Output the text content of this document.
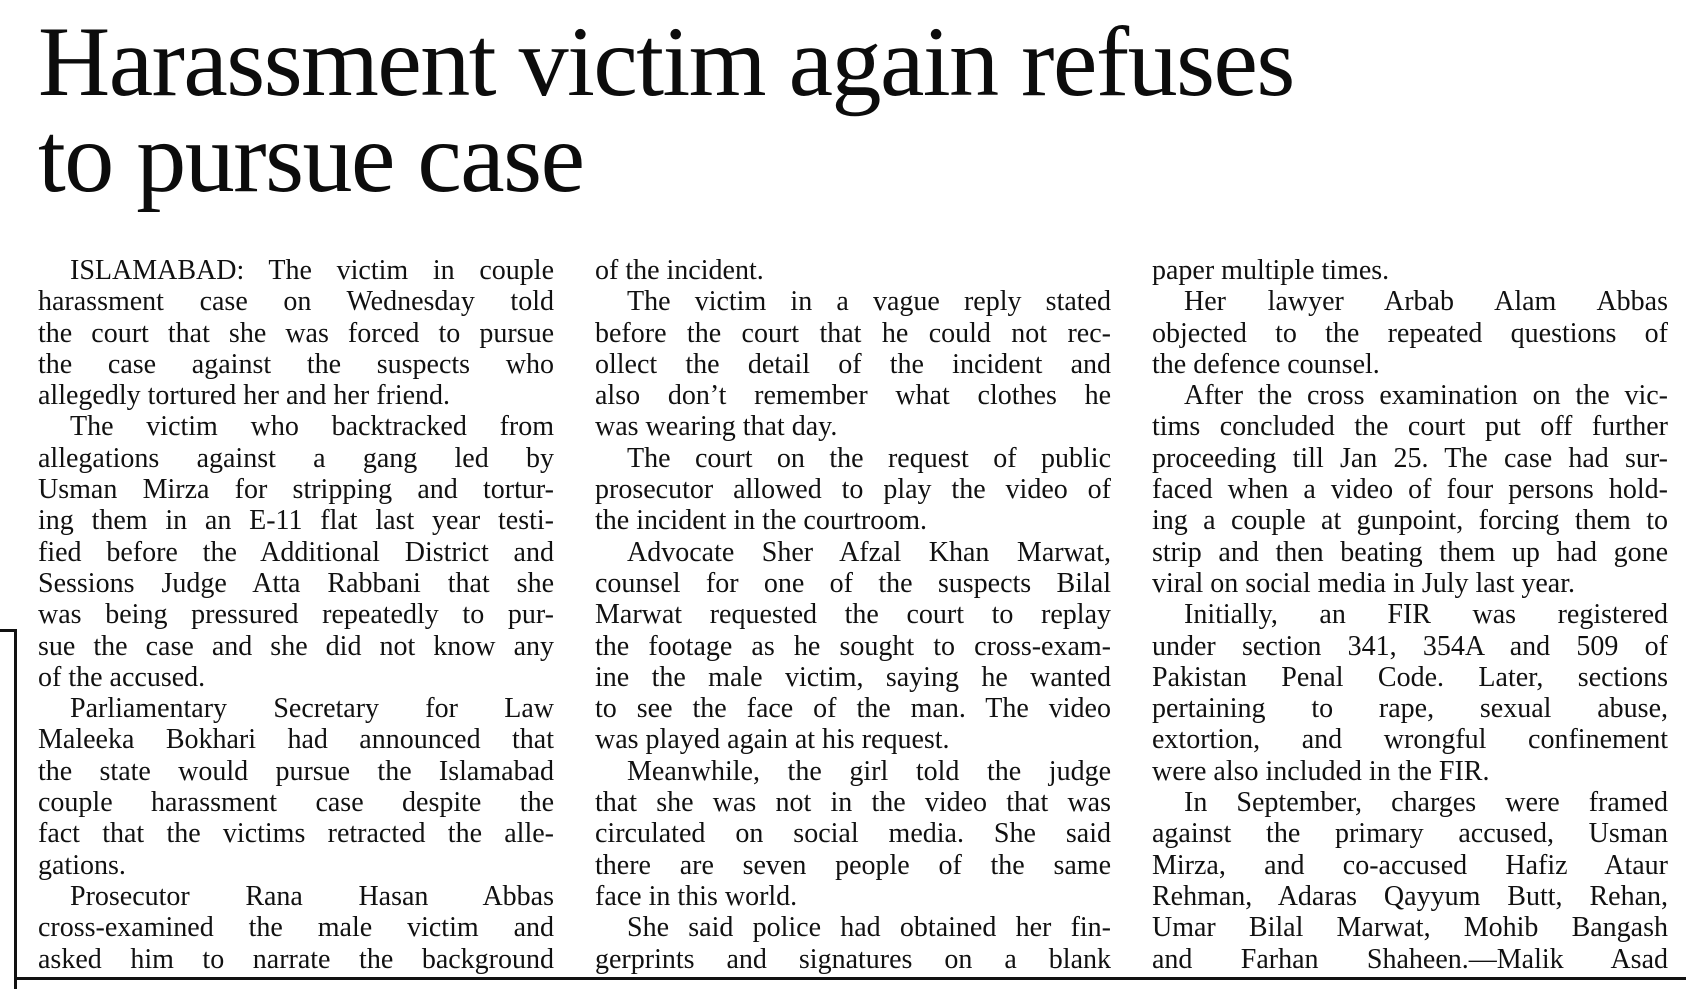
Harassment victim again refuses
to pursue case
ISLAMABAD: The victim in couple
harassment case on Wednesday told
the court that she was forced to pursue
the case against the suspects who
allegedly tortured her and her friend.
The victim who backtracked from
allegations against a gang led by
Usman Mirza for stripping and tortur-
ing them in an E-11 flat last year testi-
fied before the Additional District and
Sessions Judge Atta Rabbani that she
was being pressured repeatedly to pur-
sue the case and she did not know any
of the accused.
Parliamentary Secretary for Law
Maleeka Bokhari had announced that
the state would pursue the Islamabad
couple harassment case despite the
fact that the victims retracted the alle-
gations.
Prosecutor Rana Hasan Abbas
cross-examined the male victim and
asked him to narrate the background
of the incident.
The victim in a vague reply stated
before the court that he could not rec-
ollect the detail of the incident and
also don’t remember what clothes he
was wearing that day.
The court on the request of public
prosecutor allowed to play the video of
the incident in the courtroom.
Advocate Sher Afzal Khan Marwat,
counsel for one of the suspects Bilal
Marwat requested the court to replay
the footage as he sought to cross-exam-
ine the male victim, saying he wanted
to see the face of the man. The video
was played again at his request.
Meanwhile, the girl told the judge
that she was not in the video that was
circulated on social media. She said
there are seven people of the same
face in this world.
She said police had obtained her fin-
gerprints and signatures on a blank
paper multiple times.
Her lawyer Arbab Alam Abbas
objected to the repeated questions of
the defence counsel.
After the cross examination on the vic-
tims concluded the court put off further
proceeding till Jan 25. The case had sur-
faced when a video of four persons hold-
ing a couple at gunpoint, forcing them to
strip and then beating them up had gone
viral on social media in July last year.
Initially, an FIR was registered
under section 341, 354A and 509 of
Pakistan Penal Code. Later, sections
pertaining to rape, sexual abuse,
extortion, and wrongful confinement
were also included in the FIR.
In September, charges were framed
against the primary accused, Usman
Mirza, and co-accused Hafiz Ataur
Rehman, Adaras Qayyum Butt, Rehan,
Umar Bilal Marwat, Mohib Bangash
and Farhan Shaheen.—Malik Asad
